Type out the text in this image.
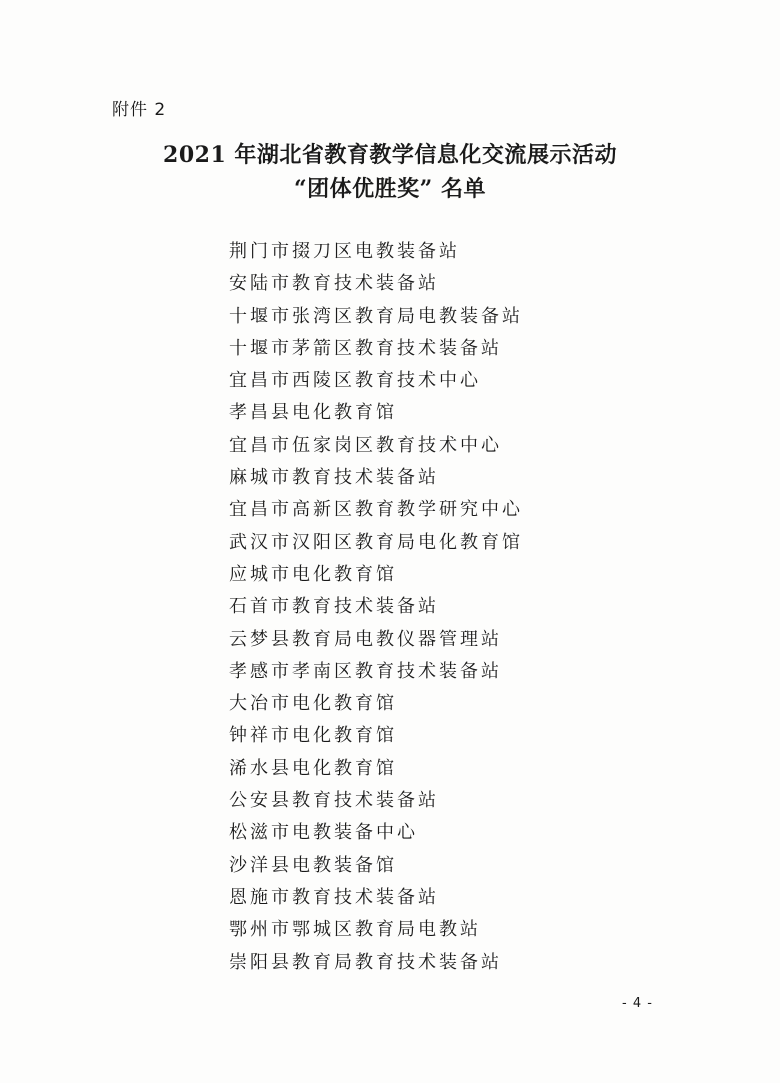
附件 2
2021 年湖北省教育教学信息化交流展示活动
“团体优胜奖” 名单
荆门市掇刀区电教装备站
安陆市教育技术装备站
十堰市张湾区教育局电教装备站
十堰市茅箭区教育技术装备站
宜昌市西陵区教育技术中心
孝昌县电化教育馆
宜昌市伍家岗区教育技术中心
麻城市教育技术装备站
宜昌市高新区教育教学研究中心
武汉市汉阳区教育局电化教育馆
应城市电化教育馆
石首市教育技术装备站
云梦县教育局电教仪器管理站
孝感市孝南区教育技术装备站
大冶市电化教育馆
钟祥市电化教育馆
浠水县电化教育馆
公安县教育技术装备站
松滋市电教装备中心
沙洋县电教装备馆
恩施市教育技术装备站
鄂州市鄂城区教育局电教站
崇阳县教育局教育技术装备站
- 4 -
